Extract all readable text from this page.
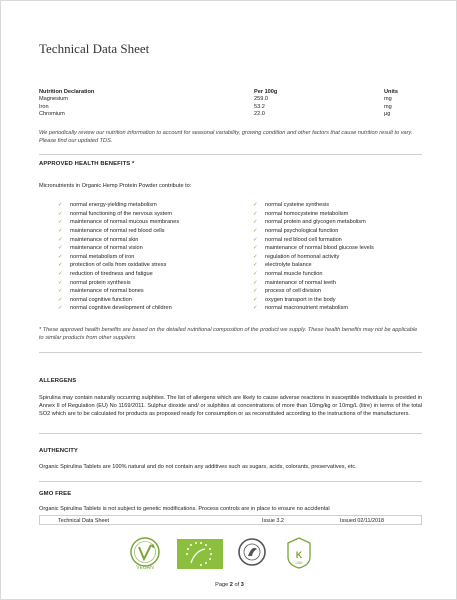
Technical Data Sheet
Nutrition Declaration	Per 100g	Units
Magnesium	259.0	mg
Iron	53.2	mg
Chromium	22.0	µg
We periodically review our nutrition information to account for seasonal variability, growing condition and other factors that cause nutrition result to vary. Please find our updated TDS.
APPROVED HEALTH BENEFITS *
Micronutrients in Organic Hemp Protein Powder contribute to:
✓	normal energy-yielding metabolism
✓	normal functioning of the nervous system
✓	maintenance of normal mucous membranes
✓	maintenance of normal red blood cells
✓	maintenance of normal skin
✓	maintenance of normal vision
✓	normal metabolism of iron
✓	protection of cells from oxidative stress
✓	reduction of tiredness and fatigue
✓	normal protein synthesis
✓	maintenance of normal bones
✓	normal cognitive function
✓	normal cognitive development of children
✓	normal cysteine synthesis
✓	normal homocysteine metabolism
✓	normal protein and glycogen metabolism
✓	normal psychological function
✓	normal red blood cell formation
✓	maintenance of normal blood glucose levels
✓	regulation of hormonal activity
✓	electrolyte balance
✓	normal muscle function
✓	maintenance of normal teeth
✓	process of cell division
✓	oxygen transport in the body
✓	normal macronutrient metabolism
* These approved health benefits are based on the detailed nutritional composition of the product we supply. These health benefits may not be applicable to similar products from other suppliers
ALLERGENS
Spirulina may contain naturally occurring sulphites. The list of allergens which are likely to cause adverse reactions in susceptible individuals is provided in Annex II of Regulation (EU) No 1169/2011. Sulphur dioxide and/ or sulphites at concentrations of more than 10mg/kg or 10mg/L (litre) in terms of the total SO2 which are to be calculated for products as proposed ready for consumption or as reconstituted according to the instructions of the manufacturers.
AUTHENCITY
Organic Spirulina Tablets are 100% natural and do not contain any additives such as sugars, acids, colorants, preservatives, etc.
GMO FREE
Organic Spirulina Tablets is not subject to genetic modifications. Process controls are in place to ensure no accidental
Technical Data Sheet	Issue 3.2	Issued 02/11/2018
VEGAN
K
LBD
Page 2 of 3
